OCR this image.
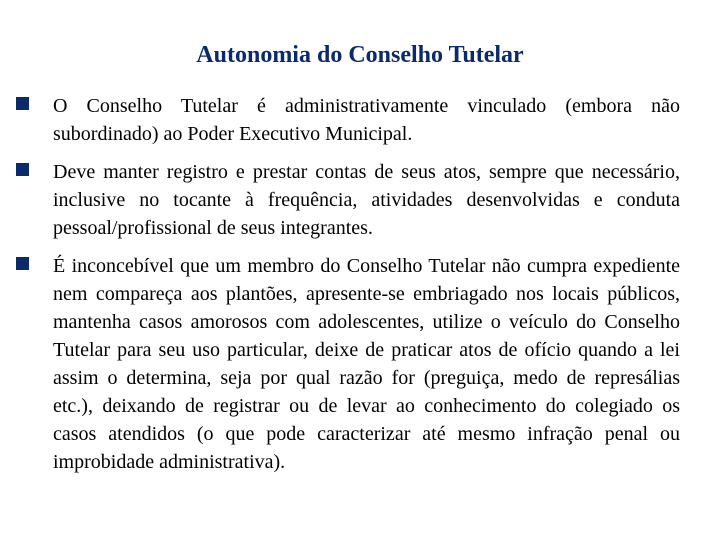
Autonomia do Conselho Tutelar
O Conselho Tutelar é administrativamente vinculado (embora não subordinado) ao Poder Executivo Municipal.
Deve manter registro e prestar contas de seus atos, sempre que necessário, inclusive no tocante à frequência, atividades desenvolvidas e conduta pessoal/profissional de seus integrantes.
É inconcebível que um membro do Conselho Tutelar não cumpra expediente nem compareça aos plantões, apresente-se embriagado nos locais públicos, mantenha casos amorosos com adolescentes, utilize o veículo do Conselho Tutelar para seu uso particular, deixe de praticar atos de ofício quando a lei assim o determina, seja por qual razão for (preguiça, medo de represálias etc.), deixando de registrar ou de levar ao conhecimento do colegiado os casos atendidos (o que pode caracterizar até mesmo infração penal ou improbidade administrativa).
